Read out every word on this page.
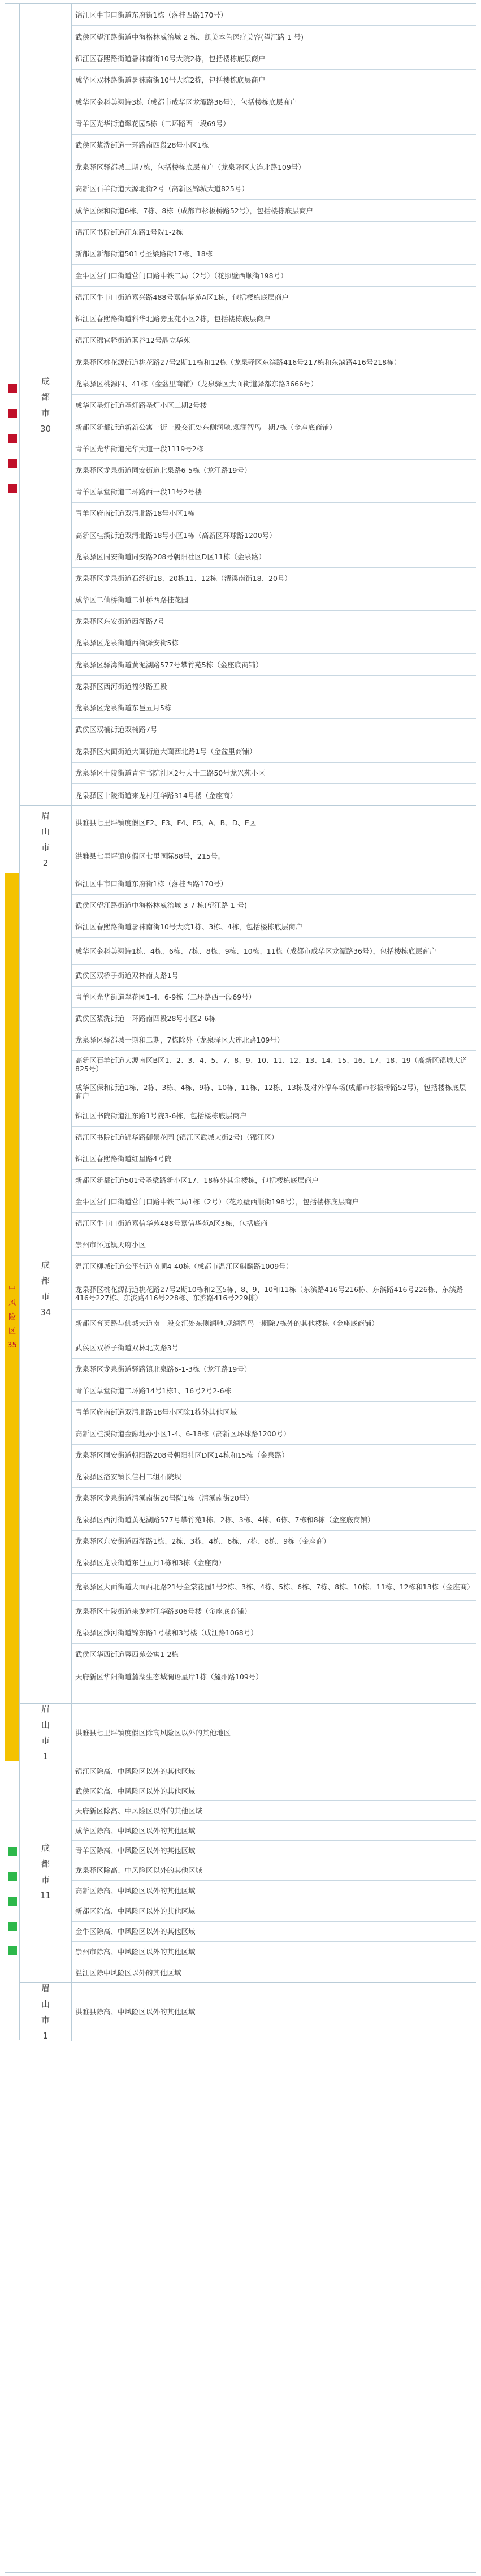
成
都
市
30
锦江区牛市口街道东府街1栋（落桂西路170号）
武侯区望江路街道中海格林威治城 2 栋、凯美本色医疗美容(望江路 1 号)
锦江区春熙路街道暑袜南街10号大院2栋，包括楼栋底层商户
成华区双林路街道暑袜南街10号大院2栋，包括楼栋底层商户
成华区金科美翔诗3栋（成都市成华区龙潭路36号），包括楼栋底层商户
青羊区光华街道翠花园5栋（二环路西一段69号）
武侯区浆洗街道一环路南四段28号小区1栋
龙泉驿区驿都城二期7栋，包括楼栋底层商户（龙泉驿区大连北路109号）
高新区石羊街道大源北街2号（高新区锦城大道825号）
成华区保和街道6栋、7栋、8栋（成都市杉板桥路52号），包括楼栋底层商户
锦江区书院街道江东路1号院1-2栋
新都区新都街道501号圣梁路街17栋、18栋
金牛区营门口街道营门口路中铁二局（2号）（花照壁西顺街198号）
锦江区牛市口街道嘉兴路488号嘉信华苑A区1栋，包括楼栋底层商户
锦江区春熙路街道科华北路旁玉苑小区2栋，包括楼栋底层商户
锦江区锦官驿街道蓝谷12号晶立华苑
龙泉驿区桃花源街道桃花路27号2期11栋和12栋（龙泉驿区东滨路416号217栋和东滨路416号218栋）
龙泉驿区桃源四、41栋（金盆里商铺）（龙泉驿区大面街道驿都东路3666号）
成华区圣灯街道圣灯路圣灯小区二期2号楼
新都区新都街道新新公寓一街一段交汇处东侧润驰.观澜智鸟一期7栋（金座底商铺）
青羊区光华街道光华大道一段1119号2栋
龙泉驿区龙泉街道同安街道北泉路6-5栋（龙江路19号）
青羊区草堂街道二环路西一段11号2号楼
青羊区府南街道双清北路18号小区1栋
高新区桂溪街道双清北路18号小区1栋（高新区环球路1200号）
龙泉驿区同安街道同安路208号朝阳社区D区11栋（金泉路）
龙泉驿区龙泉街道石经街18、20栋11、12栋（清溪南街18、20号）
成华区二仙桥街道二仙桥西路桂花园
龙泉驿区东安街道西湖路7号
龙泉驿区龙泉街道西街驿安街5栋
龙泉驿区驿湾街道黄泥湖路577号攀竹苑5栋（金座底商铺）
龙泉驿区西河街道福沙路五段
龙泉驿区龙泉街道东邑五月5栋
武侯区双楠街道双楠路7号
龙泉驿区大面街道大面街道大面西北路1号（金盆里商铺）
龙泉驿区十陵街道青宅书院社区2号大十三路50号龙兴苑小区
龙泉驿区十陵街道来龙村江华路314号楼（金座商）
眉
山
市
2
洪雅县七里坪镇度假区F2、F3、F4、F5、A、B、D、E区
洪雅县七里坪镇度假区七里国际88号，215号。
中
风
险
区
35
成
都
市
34
锦江区牛市口街道东府街1栋（落桂西路170号）
武侯区望江路街道中海格林威治城 3-7 栋(望江路 1 号)
锦江区春熙路街道暑袜南街10号大院1栋、3栋、4栋，包括楼栋底层商户
成华区金科美翔诗1栋、4栋、6栋、7栋、8栋、9栋、10栋、11栋（成都市成华区龙潭路36号），包括楼栋底层商户
武侯区双桥子街道双林南支路1号
青羊区光华街道翠花园1-4、6-9栋（二环路西一段69号）
武侯区浆洗街道一环路南四段28号小区2-6栋
龙泉驿区驿都城一期和二期，7栋除外（龙泉驿区大连北路109号）
高新区石羊街道大源南区B区1、2、3、4、5、7、8、9、10、11、12、13、14、15、16、17、18、19（高新区锦城大道825号）
成华区保和街道1栋、2栋、3栋、4栋、9栋、10栋、11栋、12栋、13栋及对外停车场(成都市杉板桥路52号)，包括楼栋底层商户
锦江区书院街道江东路1号院3-6栋，包括楼栋底层商户
锦江区书院街道锦华路御景花园 (锦江区武城大街2号)（锦江区）
锦江区春熙路街道红星路4号院
新都区新都街道501号圣梁路新小区17、18栋外其余楼栋，包括楼栋底层商户
金牛区营门口街道营门口路中铁二局1栋（2号）（花照壁西顺街198号），包括楼栋底层商户
锦江区牛市口街道嘉信华苑488号嘉信华苑A区3栋，包括底商
崇州市怀远镇天府小区
温江区柳城街道公平街道南顺4-40栋（成都市温江区麒麟路1009号）
龙泉驿区桃花源街道桃花路27号2期10栋和2区5栋、8、9、10和11栋（东滨路416号216栋、东滨路416号226栋、东滨路416号227栋、东滨路416号228栋、东滨路416号229栋）
新都区育英路与佛城大道南一段交汇处东侧润驰.观澜智鸟一期除7栋外的其他楼栋（金座底商铺）
武侯区双桥子街道双林北支路3号
龙泉驿区龙泉街道驿路镇北泉路6-1-3栋（龙江路19号）
青羊区草堂街道二环路14号1栋1、16号2号2-6栋
青羊区府南街道双清北路18号小区除1栋外其他区域
高新区桂溪街道金融地办小区1-4、6-18栋（高新区环球路1200号）
龙泉驿区同安街道朝阳路208号朝阳社区D区14栋和15栋（金泉路）
龙泉驿区洛安镇长佳村二组石院坝
龙泉驿区龙泉街道清溪南街20号院1栋（清溪南街20号）
龙泉驿区西河街道黄泥湖路577号攀竹苑1栋、2栋、3栋、4栋、6栋、7栋和8栋（金座底商铺）
龙泉驿区东安街道西湖路1栋、2栋、3栋、4栋、6栋、7栋、8栋、9栋（金座商）
龙泉驿区龙泉街道东邑五月1栋和3栋（金座商）
龙泉驿区大面街道大面西北路21号金棠花园1号2栋、3栋、4栋、5栋、6栋、7栋、8栋、10栋、11栋、12栋和13栋（金座商）
龙泉驿区十陵街道来龙村江华路306号楼（金座底商铺）
龙泉驿区沙河街道锦东路1号楼和3号楼（成江路1068号）
武侯区华西街道蓉西苑公寓1-2栋
天府新区华阳街道麓湖生态城澜语星岸1栋（麓州路109号）
眉
山
市
1
洪雅县七里坪镇度假区除高风险区以外的其他地区
成
都
市
11
锦江区除高、中风险区以外的其他区域
武侯区除高、中风险区以外的其他区域
天府新区除高、中风险区以外的其他区域
成华区除高、中风险区以外的其他区域
青羊区除高、中风险区以外的其他区域
龙泉驿区除高、中风险区以外的其他区域
高新区除高、中风险区以外的其他区域
新都区除高、中风险区以外的其他区域
金牛区除高、中风险区以外的其他区域
崇州市除高、中风险区以外的其他区域
温江区除中风险区以外的其他区域
眉
山
市
1
洪雅县除高、中风险区以外的其他区域
